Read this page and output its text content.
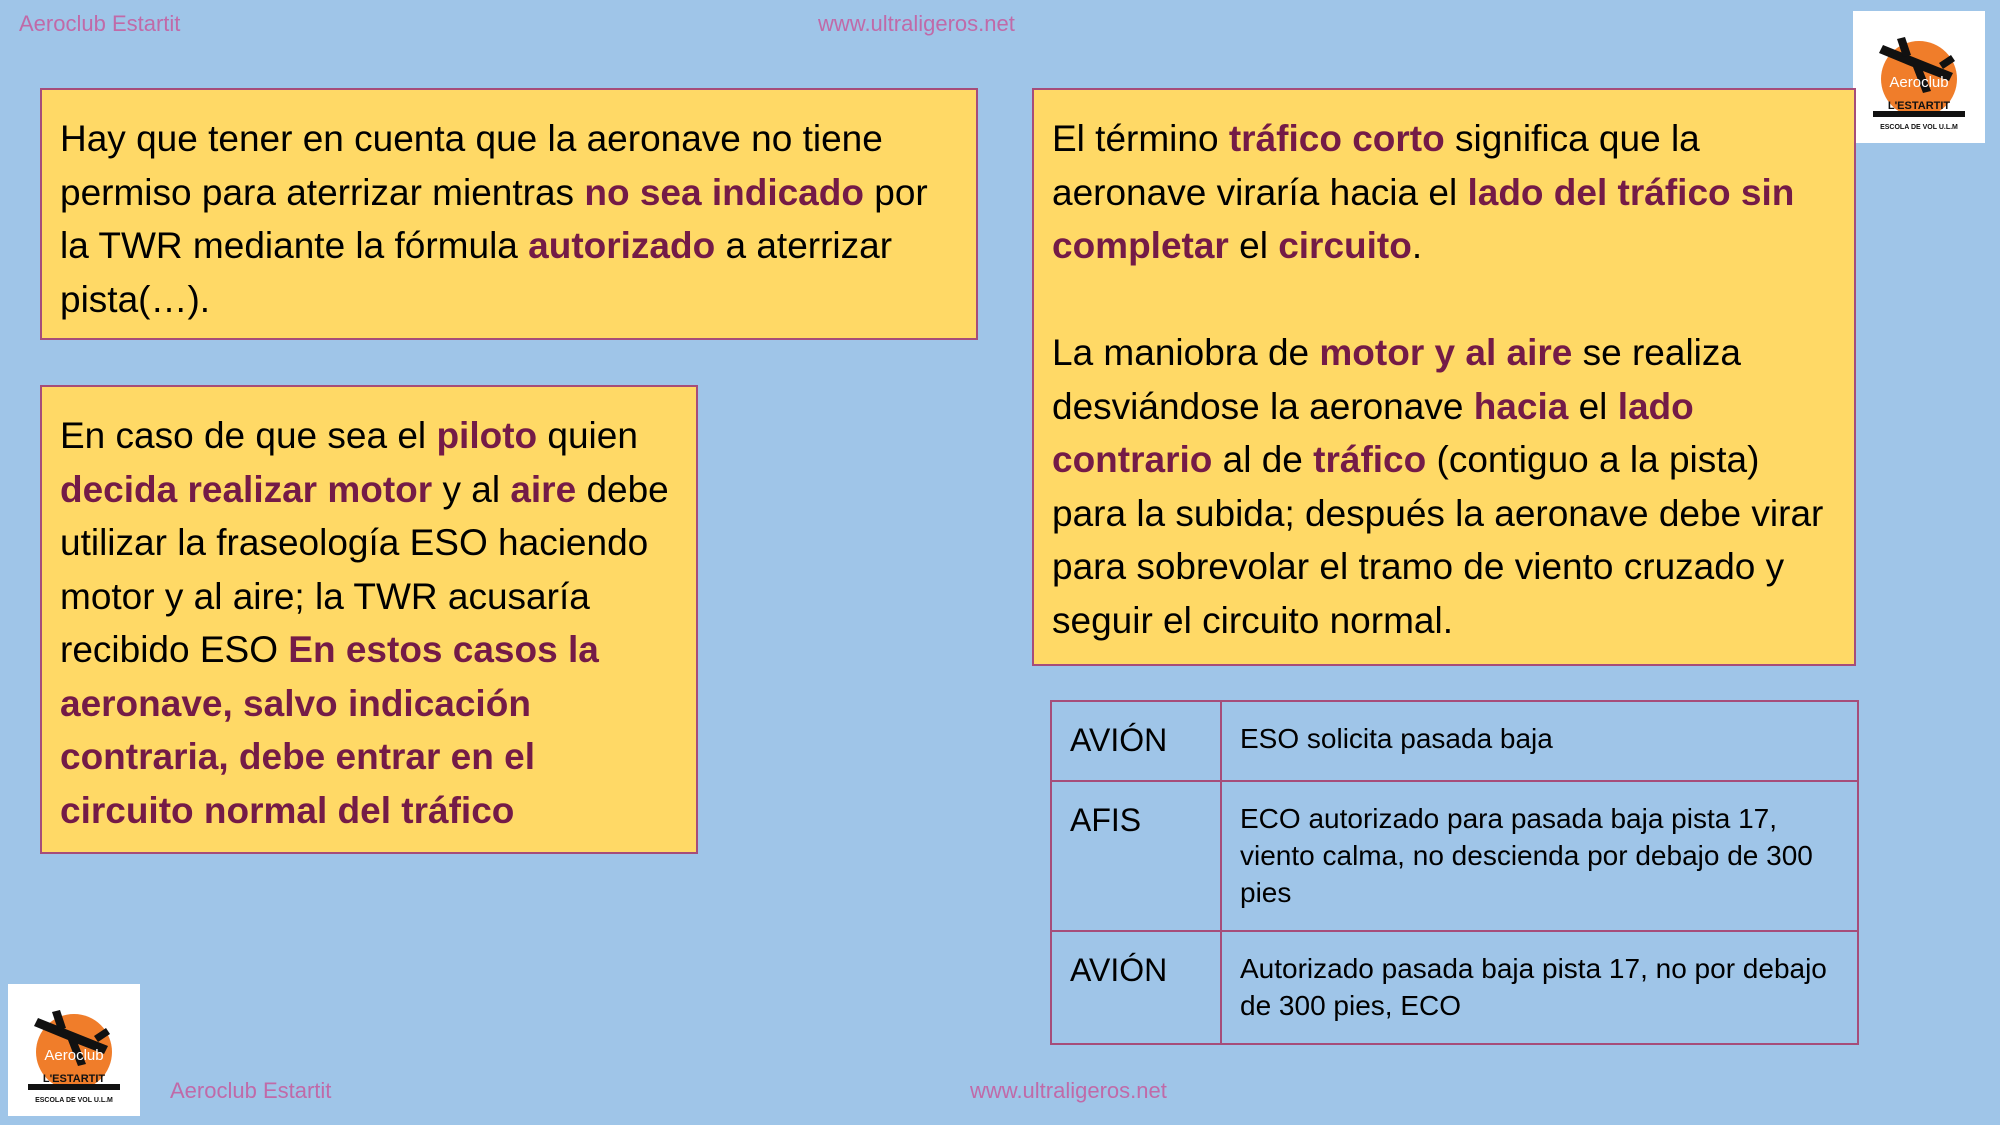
Aeroclub Estartit	www.ultraligeros.net
Aeroclub Estartit	www.ultraligeros.net
Aeroclub
L'ESTARTIT
ESCOLA DE VOL U.L.M
Aeroclub
L'ESTARTIT
ESCOLA DE VOL U.L.M
Hay que tener en cuenta que la aeronave no tiene permiso para aterrizar mientras no sea indicado por la TWR mediante la fórmula autorizado a aterrizar pista(…).
En caso de que sea el piloto quien decida realizar motor y al aire debe utilizar la fraseología ESO haciendo motor y al aire; la TWR acusaría recibido ESO En estos casos la aeronave, salvo indicación contraria, debe entrar en el circuito normal del tráfico
El término tráfico corto significa que la aeronave viraría hacia el lado del tráfico sin completar el circuito.
La maniobra de motor y al aire se realiza desviándose la aeronave hacia el lado contrario al de tráfico (contiguo a la pista) para la subida; después la aeronave debe virar para sobrevolar el tramo de viento cruzado y seguir el circuito normal.
AVIÓN	ESO solicita pasada baja
AFIS	ECO autorizado para pasada baja pista 17, viento calma, no descienda por debajo de 300 pies
AVIÓN	Autorizado pasada baja pista 17, no por debajo de 300 pies, ECO
